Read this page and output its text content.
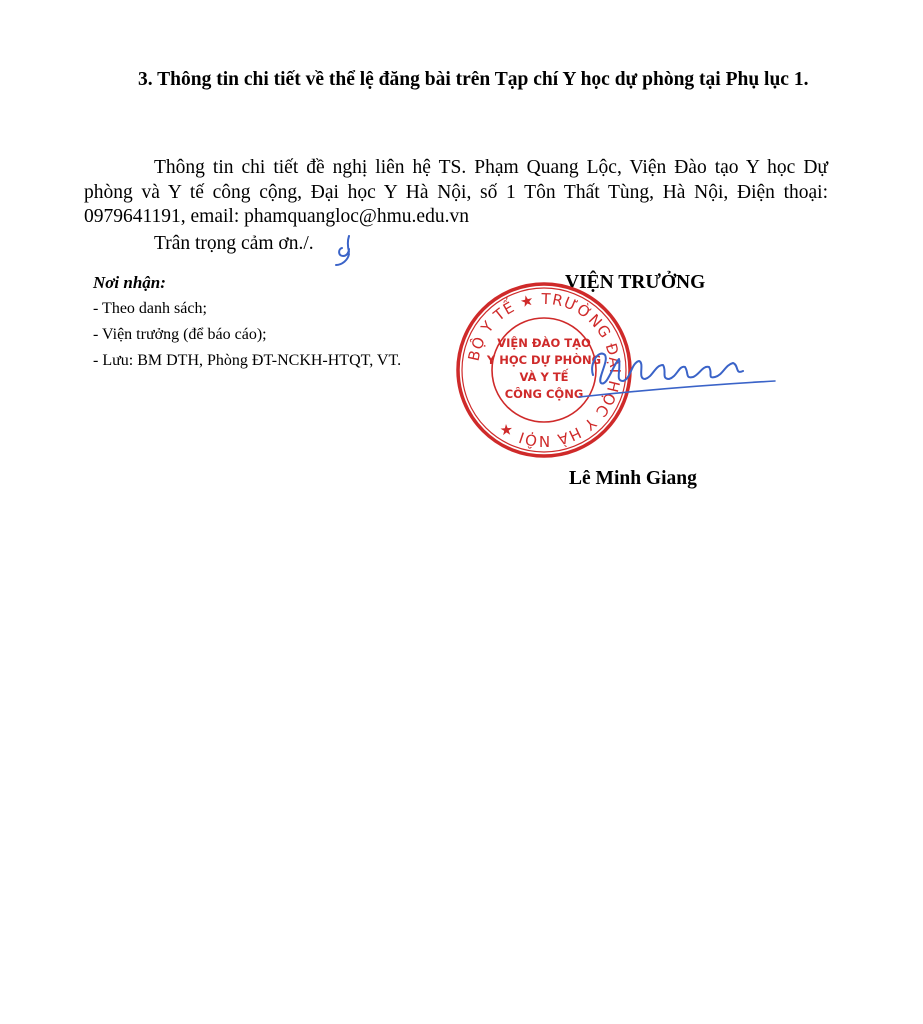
3. Thông tin chi tiết về thể lệ đăng bài trên Tạp chí Y học dự phòng tại Phụ lục 1.

Thông tin chi tiết đề nghị liên hệ TS. Phạm Quang Lộc, Viện Đào tạo Y học Dự phòng và Y tế công cộng, Đại học Y Hà Nội, số 1 Tôn Thất Tùng, Hà Nội, Điện thoại: 0979641191, email: phamquangloc@hmu.edu.vn

Trân trọng cảm ơn./.

Nơi nhận:

- Theo danh sách;
- Viện trưởng (để báo cáo);
- Lưu: BM DTH, Phòng ĐT-NCKH-HTQT, VT.

VIỆN TRƯỞNG

BỘ Y TẾ ★ TRƯỜNG ĐẠI HỌC Y HÀ NỘI ★
VIỆN ĐÀO TẠO
Y HỌC DỰ PHÒNG
VÀ Y TẾ
CÔNG CỘNG

Lê Minh Giang
